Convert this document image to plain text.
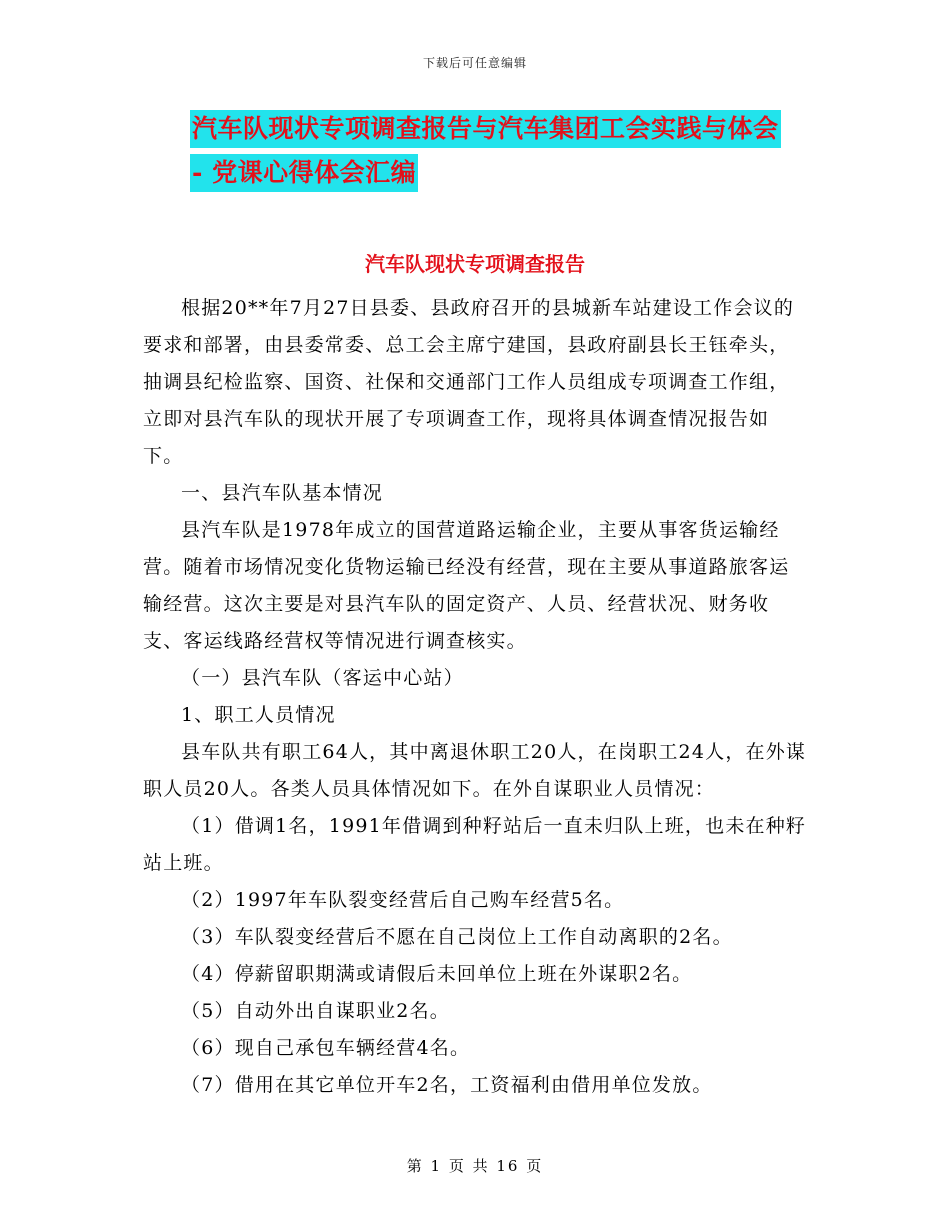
下载后可任意编辑
汽车队现状专项调查报告与汽车集团工会实践与体会
- 党课心得体会汇编
汽车队现状专项调查报告

根据20**年7月27日县委、县政府召开的县城新车站建设工作会议的要求和部署，由县委常委、总工会主席宁建国，县政府副县长王钰牵头，抽调县纪检监察、国资、社保和交通部门工作人员组成专项调查工作组，立即对县汽车队的现状开展了专项调查工作，现将具体调查情况报告如下。

一、县汽车队基本情况

县汽车队是1978年成立的国营道路运输企业，主要从事客货运输经营。随着市场情况变化货物运输已经没有经营，现在主要从事道路旅客运输经营。这次主要是对县汽车队的固定资产、人员、经营状况、财务收支、客运线路经营权等情况进行调查核实。

（一）县汽车队（客运中心站）

1、职工人员情况

县车队共有职工64人，其中离退休职工20人，在岗职工24人，在外谋职人员20人。各类人员具体情况如下。在外自谋职业人员情况：

（1）借调1名，1991年借调到种籽站后一直未归队上班，也未在种籽站上班。

（2）1997年车队裂变经营后自己购车经营5名。

（3）车队裂变经营后不愿在自己岗位上工作自动离职的2名。

（4）停薪留职期满或请假后未回单位上班在外谋职2名。

（5）自动外出自谋职业2名。

（6）现自己承包车辆经营4名。

（7）借用在其它单位开车2名，工资福利由借用单位发放。

第 1 页 共 16 页
